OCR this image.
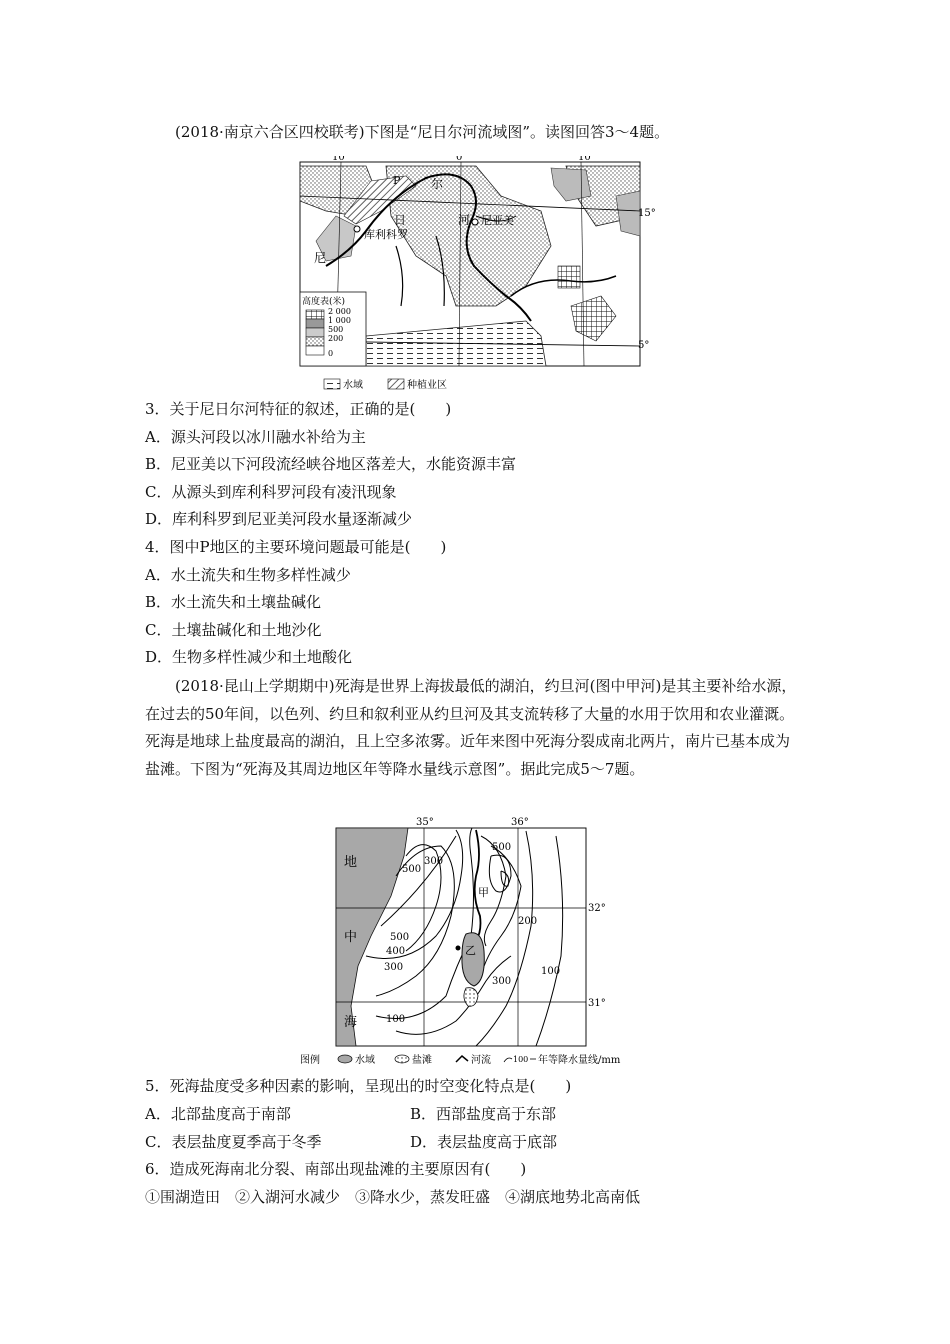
(2018·南京六合区四校联考)下图是“尼日尔河流域图”。读图回答3～4题。
10°	0°	10°
15°
5°
P	尔
日	河 尼亚美
库利科罗
尼
高度表(米)
2 000
1 000
500
200
0
水域	种植业区
3．关于尼日尔河特征的叙述，正确的是(　　)
A．源头河段以冰川融水补给为主
B．尼亚美以下河段流经峡谷地区落差大，水能资源丰富
C．从源头到库利科罗河段有凌汛现象
D．库利科罗到尼亚美河段水量逐渐减少
4．图中P地区的主要环境问题最可能是(　　)
A．水土流失和生物多样性减少
B．水土流失和土壤盐碱化
C．土壤盐碱化和土地沙化
D．生物多样性减少和土地酸化
(2018·昆山上学期期中)死海是世界上海拔最低的湖泊，约旦河(图中甲河)是其主要补给水源，在过去的50年间，以色列、约旦和叙利亚从约旦河及其支流转移了大量的水用于饮用和农业灌溉。死海是地球上盐度最高的湖泊，且上空多浓雾。近年来图中死海分裂成南北两片，南片已基本成为盐滩。下图为“死海及其周边地区年等降水量线示意图”。据此完成5～7题。
35°	36°
32°
31°
地
中
海
300
500
500
甲
200
500
400
300
乙
300
100
100
图例	水域	盐滩	河流	100 年等降水量线/mm
5．死海盐度受多种因素的影响，呈现出的时空变化特点是(　　)
A．北部盐度高于南部	B．西部盐度高于东部
C．表层盐度夏季高于冬季	D．表层盐度高于底部
6．造成死海南北分裂、南部出现盐滩的主要原因有(　　)
①围湖造田　②入湖河水减少　③降水少，蒸发旺盛　④湖底地势北高南低
